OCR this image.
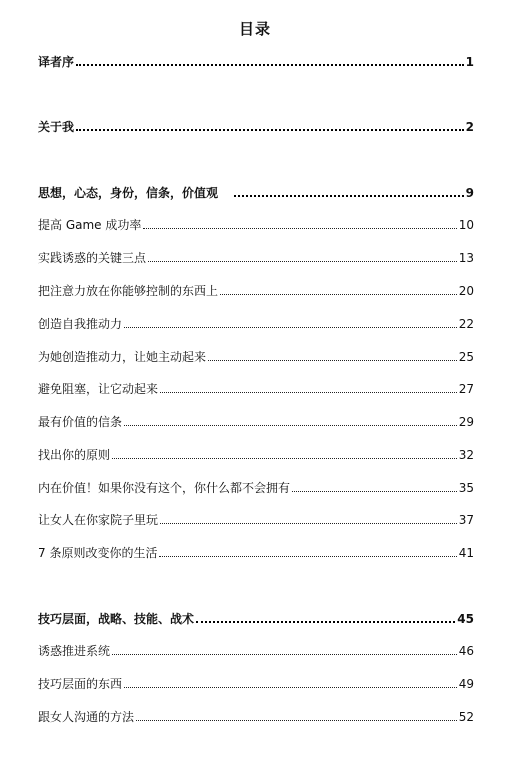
目录
译者序	1
关于我	2
思想，心态，身份，信条，价值观	9
提高 Game 成功率	10
实践诱惑的关键三点	13
把注意力放在你能够控制的东西上	20
创造自我推动力	22
为她创造推动力，让她主动起来	25
避免阻塞，让它动起来	27
最有价值的信条	29
找出你的原则	32
内在价值！如果你没有这个，你什么都不会拥有	35
让女人在你家院子里玩	37
7 条原则改变你的生活	41
技巧层面，战略、技能、战术	45
诱惑推进系统	46
技巧层面的东西	49
跟女人沟通的方法	52
